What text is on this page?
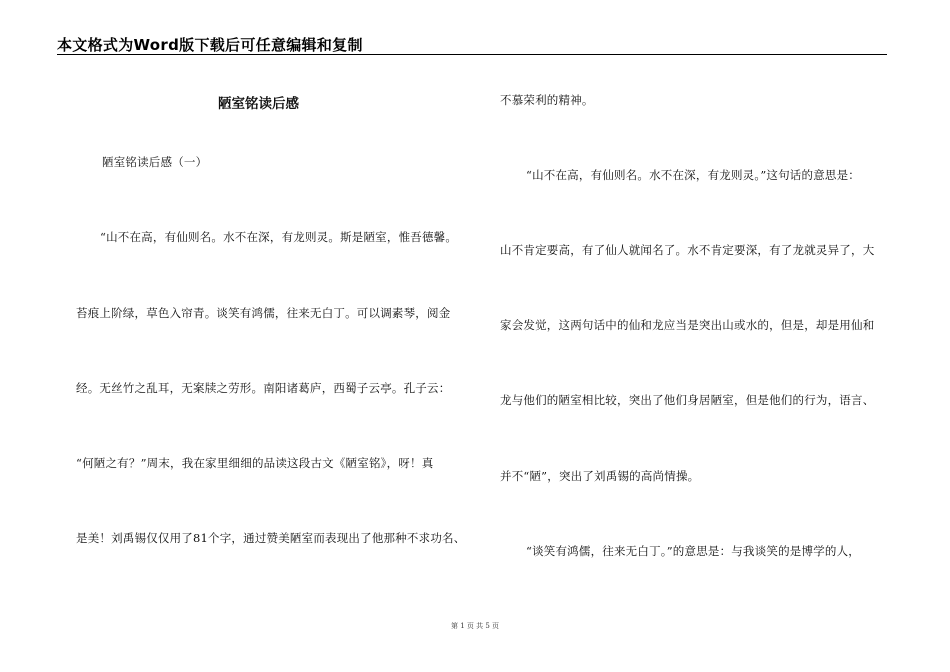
本文格式为Word版下载后可任意编辑和复制
陋室铭读后感
陋室铭读后感（一）
“山不在高，有仙则名。水不在深，有龙则灵。斯是陋室，惟吾德馨。
苔痕上阶绿，草色入帘青。谈笑有鸿儒，往来无白丁。可以调素琴，阅金
经。无丝竹之乱耳，无案牍之劳形。南阳诸葛庐，西蜀子云亭。孔子云：
“何陋之有？”周末，我在家里细细的品读这段古文《陋室铭》，呀！真
是美！刘禹锡仅仅用了81个字，通过赞美陋室而表现出了他那种不求功名、
不慕荣利的精神。
“山不在高，有仙则名。水不在深，有龙则灵。”这句话的意思是：
山不肯定要高，有了仙人就闻名了。水不肯定要深，有了龙就灵异了，大
家会发觉，这两句话中的仙和龙应当是突出山或水的，但是，却是用仙和
龙与他们的陋室相比较，突出了他们身居陋室，但是他们的行为，语言、
并不“陋”，突出了刘禹锡的高尚情操。
“谈笑有鸿儒，往来无白丁。”的意思是：与我谈笑的是博学的人，
第 1 页 共 5 页
